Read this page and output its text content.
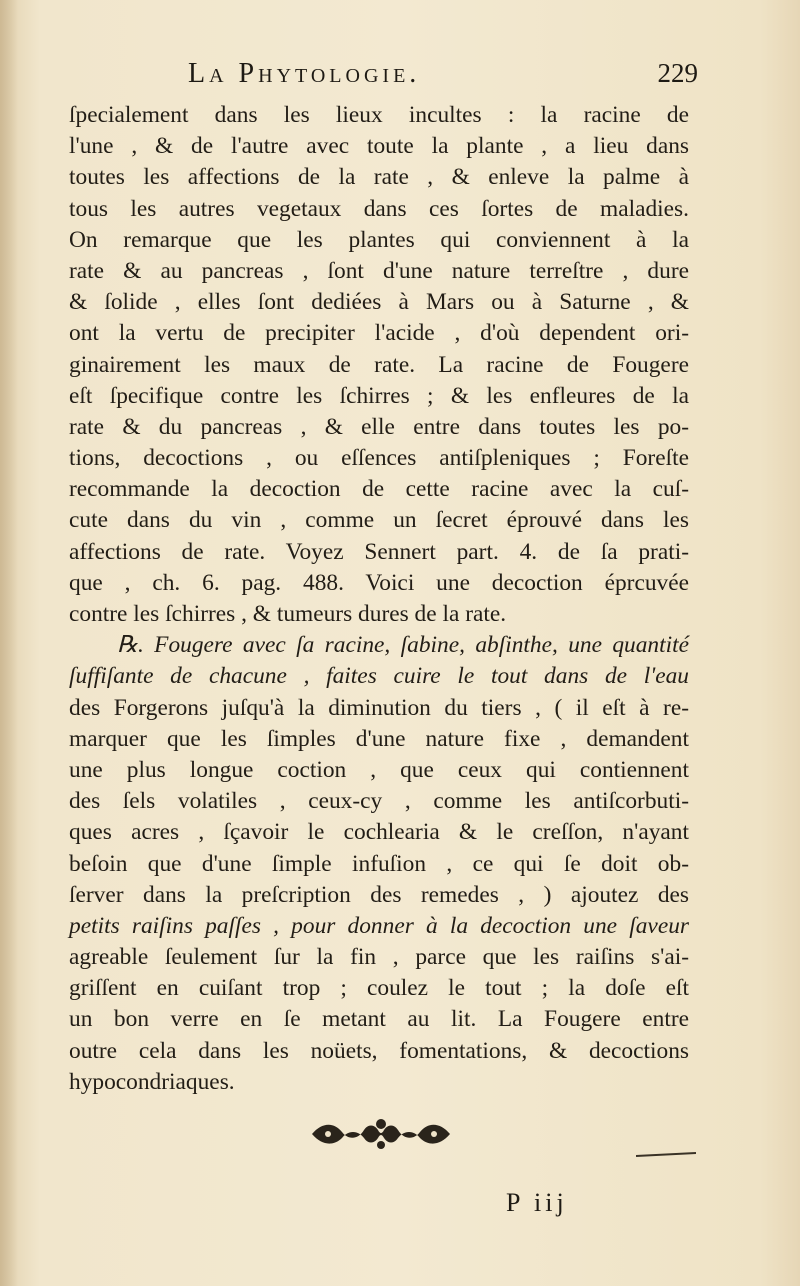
La Phytologie.	229
ſpecialement dans les lieux incultes : la racine de
l'une , & de l'autre avec toute la plante , a lieu dans
toutes les affections de la rate , & enleve la palme à
tous les autres vegetaux dans ces ſortes de maladies.
On remarque que les plantes qui conviennent à la
rate & au pancreas , ſont d'une nature terreſtre , dure
& ſolide , elles ſont dediées à Mars ou à Saturne , &
ont la vertu de precipiter l'acide , d'où dependent ori-
ginairement les maux de rate. La racine de Fougere
eſt ſpecifique contre les ſchirres ; & les enfleures de la
rate & du pancreas , & elle entre dans toutes les po-
tions, decoctions , ou eſſences antiſpleniques ; Foreſte
recommande la decoction de cette racine avec la cuſ-
cute dans du vin , comme un ſecret éprouvé dans les
affections de rate. Voyez Sennert part. 4. de ſa prati-
que , ch. 6. pag. 488. Voici une decoction éprcuvée
contre les ſchirres , & tumeurs dures de la rate.
℞. Fougere avec ſa racine, ſabine, abſinthe, une quantité
ſuffiſante de chacune , faites cuire le tout dans de l'eau
des Forgerons juſqu'à la diminution du tiers , ( il eſt à re-
marquer que les ſimples d'une nature fixe , demandent
une plus longue coction , que ceux qui contiennent
des ſels volatiles , ceux-cy , comme les antiſcorbuti-
ques acres , ſçavoir le cochlearia & le creſſon, n'ayant
beſoin que d'une ſimple infuſion , ce qui ſe doit ob-
ſerver dans la preſcription des remedes , ) ajoutez des
petits raiſins paſſes , pour donner à la decoction une ſaveur
agreable ſeulement ſur la fin , parce que les raiſins s'ai-
griſſent en cuiſant trop ; coulez le tout ; la doſe eſt
un bon verre en ſe metant au lit. La Fougere entre
outre cela dans les noüets, fomentations, & decoctions
hypocondriaques.
P iij
